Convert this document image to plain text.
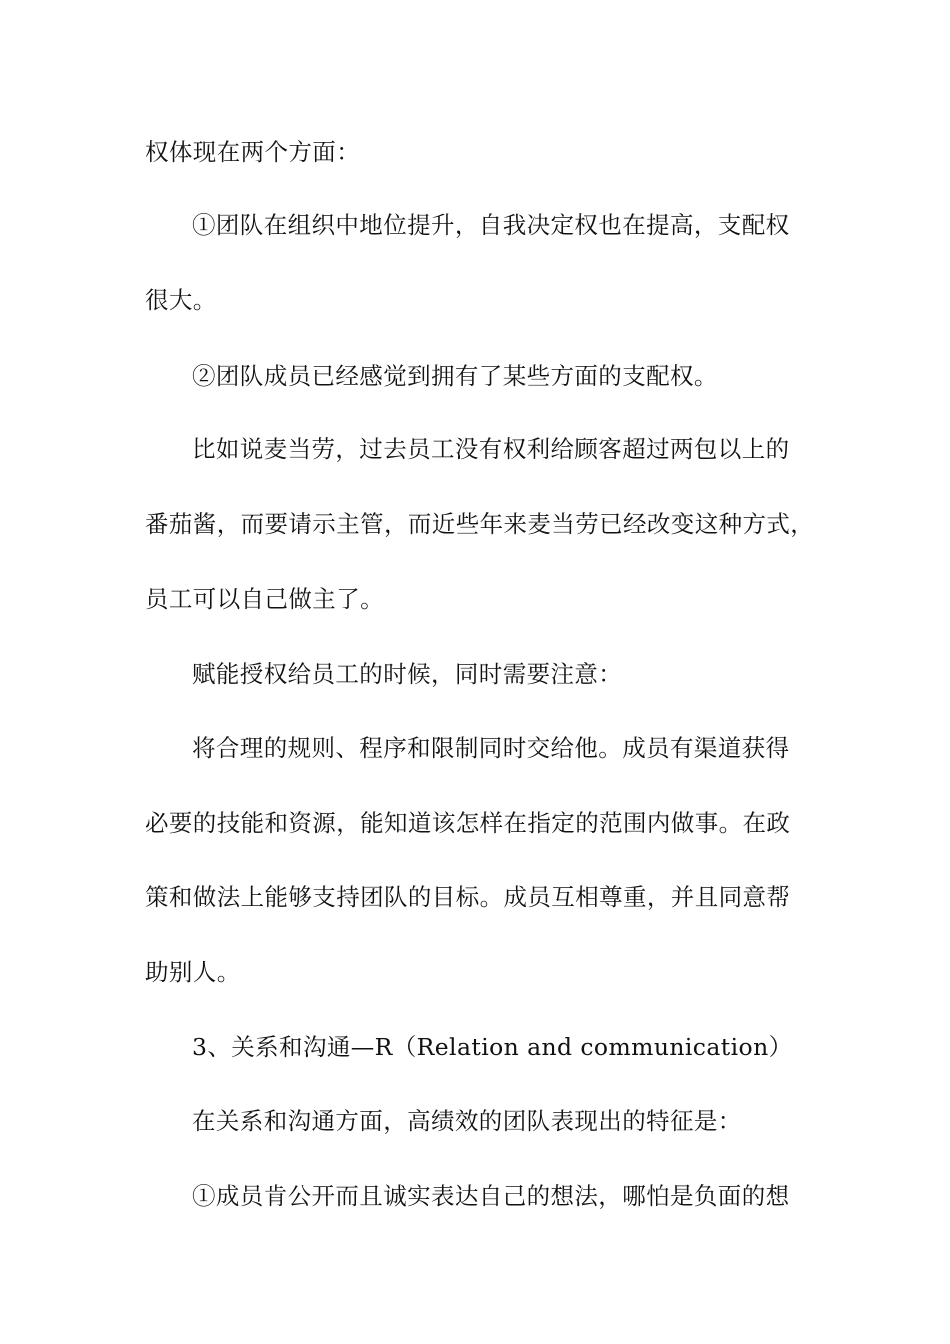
权体现在两个方面：
①团队在组织中地位提升，自我决定权也在提高，支配权
很大。
②团队成员已经感觉到拥有了某些方面的支配权。
比如说麦当劳，过去员工没有权利给顾客超过两包以上的
番茄酱，而要请示主管，而近些年来麦当劳已经改变这种方式，
员工可以自己做主了。
赋能授权给员工的时候，同时需要注意：
将合理的规则、程序和限制同时交给他。成员有渠道获得
必要的技能和资源，能知道该怎样在指定的范围内做事。在政
策和做法上能够支持团队的目标。成员互相尊重，并且同意帮
助别人。
3、关系和沟通—R（Relation and communication）
在关系和沟通方面，高绩效的团队表现出的特征是：
①成员肯公开而且诚实表达自己的想法，哪怕是负面的想
